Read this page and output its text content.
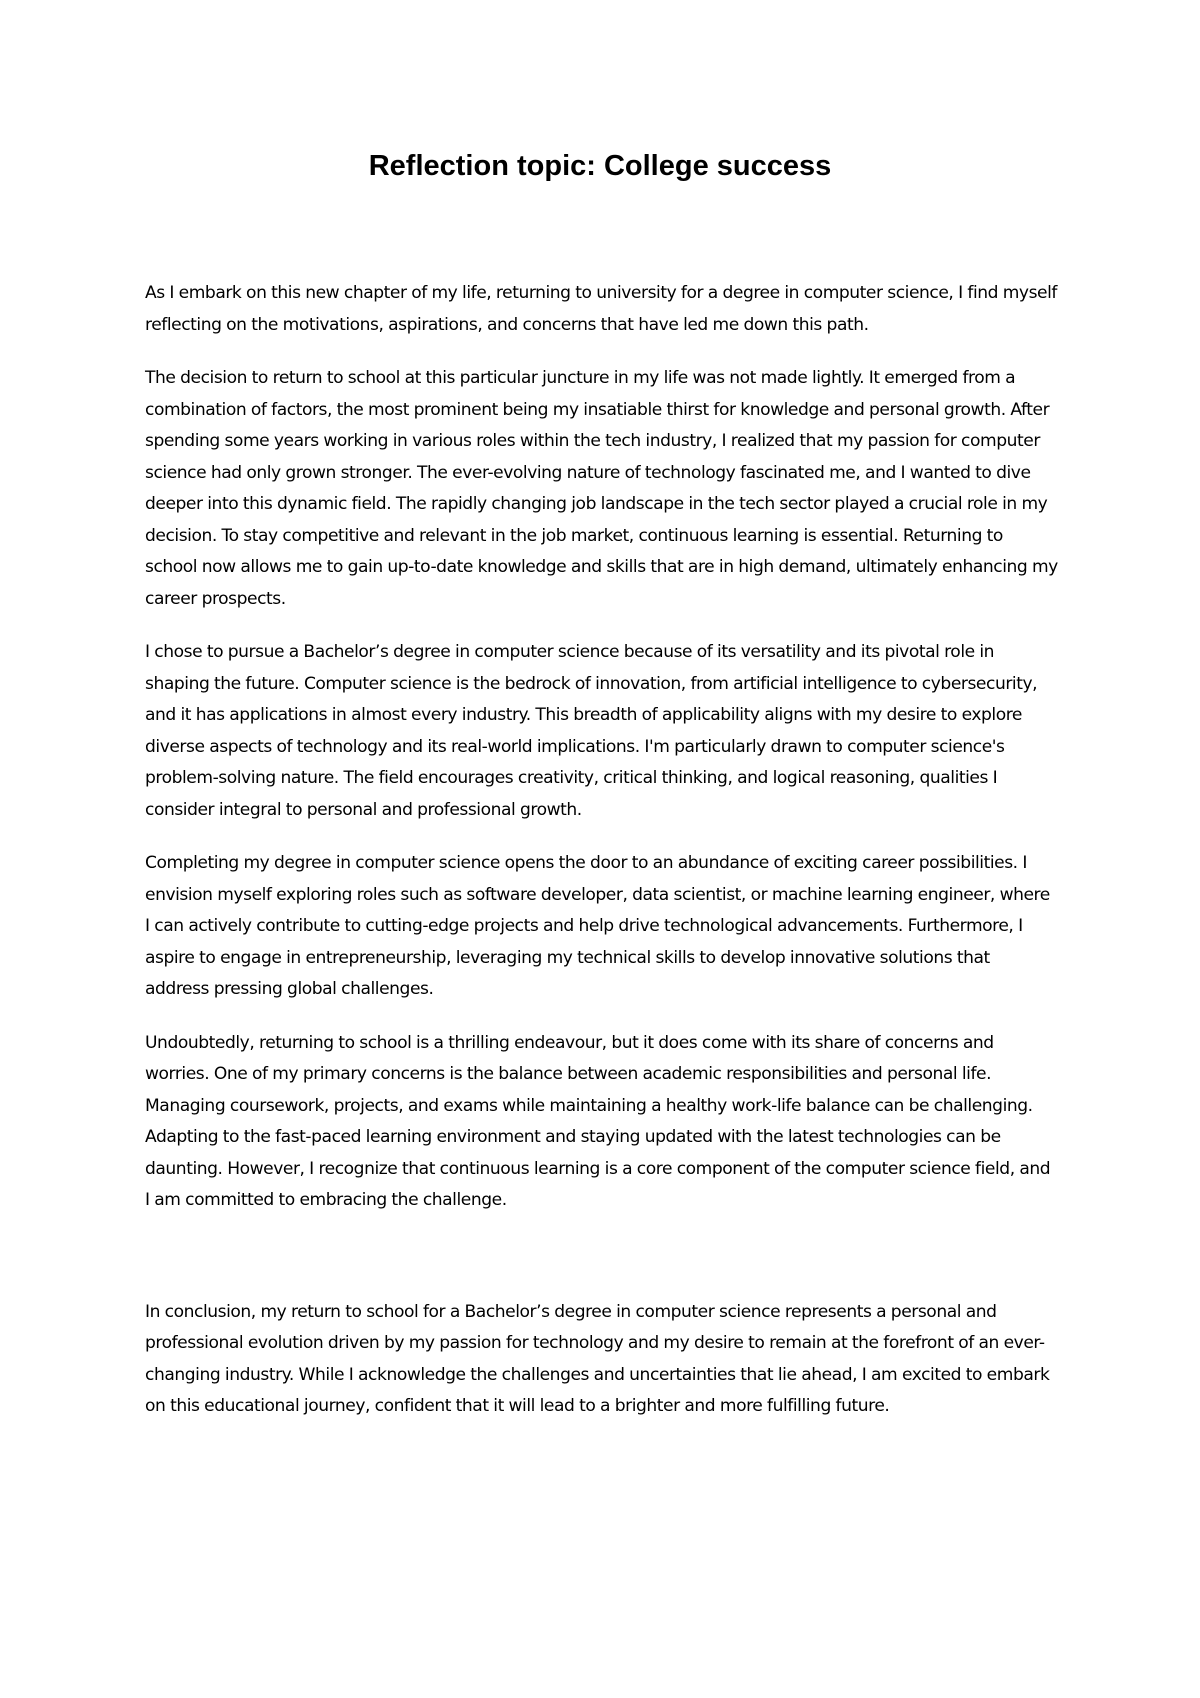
Reflection topic: College success

As I embark on this new chapter of my life, returning to university for a degree in computer science, I find myself reflecting on the motivations, aspirations, and concerns that have led me down this path.

The decision to return to school at this particular juncture in my life was not made lightly. It emerged from a combination of factors, the most prominent being my insatiable thirst for knowledge and personal growth. After spending some years working in various roles within the tech industry, I realized that my passion for computer science had only grown stronger. The ever-evolving nature of technology fascinated me, and I wanted to dive deeper into this dynamic field. The rapidly changing job landscape in the tech sector played a crucial role in my decision. To stay competitive and relevant in the job market, continuous learning is essential. Returning to school now allows me to gain up-to-date knowledge and skills that are in high demand, ultimately enhancing my career prospects.

I chose to pursue a Bachelor’s degree in computer science because of its versatility and its pivotal role in shaping the future. Computer science is the bedrock of innovation, from artificial intelligence to cybersecurity, and it has applications in almost every industry. This breadth of applicability aligns with my desire to explore diverse aspects of technology and its real-world implications. I'm particularly drawn to computer science's problem-solving nature. The field encourages creativity, critical thinking, and logical reasoning, qualities I consider integral to personal and professional growth.

Completing my degree in computer science opens the door to an abundance of exciting career possibilities. I envision myself exploring roles such as software developer, data scientist, or machine learning engineer, where I can actively contribute to cutting-edge projects and help drive technological advancements. Furthermore, I aspire to engage in entrepreneurship, leveraging my technical skills to develop innovative solutions that address pressing global challenges.

Undoubtedly, returning to school is a thrilling endeavour, but it does come with its share of concerns and worries. One of my primary concerns is the balance between academic responsibilities and personal life. Managing coursework, projects, and exams while maintaining a healthy work-life balance can be challenging. Adapting to the fast-paced learning environment and staying updated with the latest technologies can be daunting. However, I recognize that continuous learning is a core component of the computer science field, and I am committed to embracing the challenge.

In conclusion, my return to school for a Bachelor’s degree in computer science represents a personal and professional evolution driven by my passion for technology and my desire to remain at the forefront of an ever-changing industry. While I acknowledge the challenges and uncertainties that lie ahead, I am excited to embark on this educational journey, confident that it will lead to a brighter and more fulfilling future.
